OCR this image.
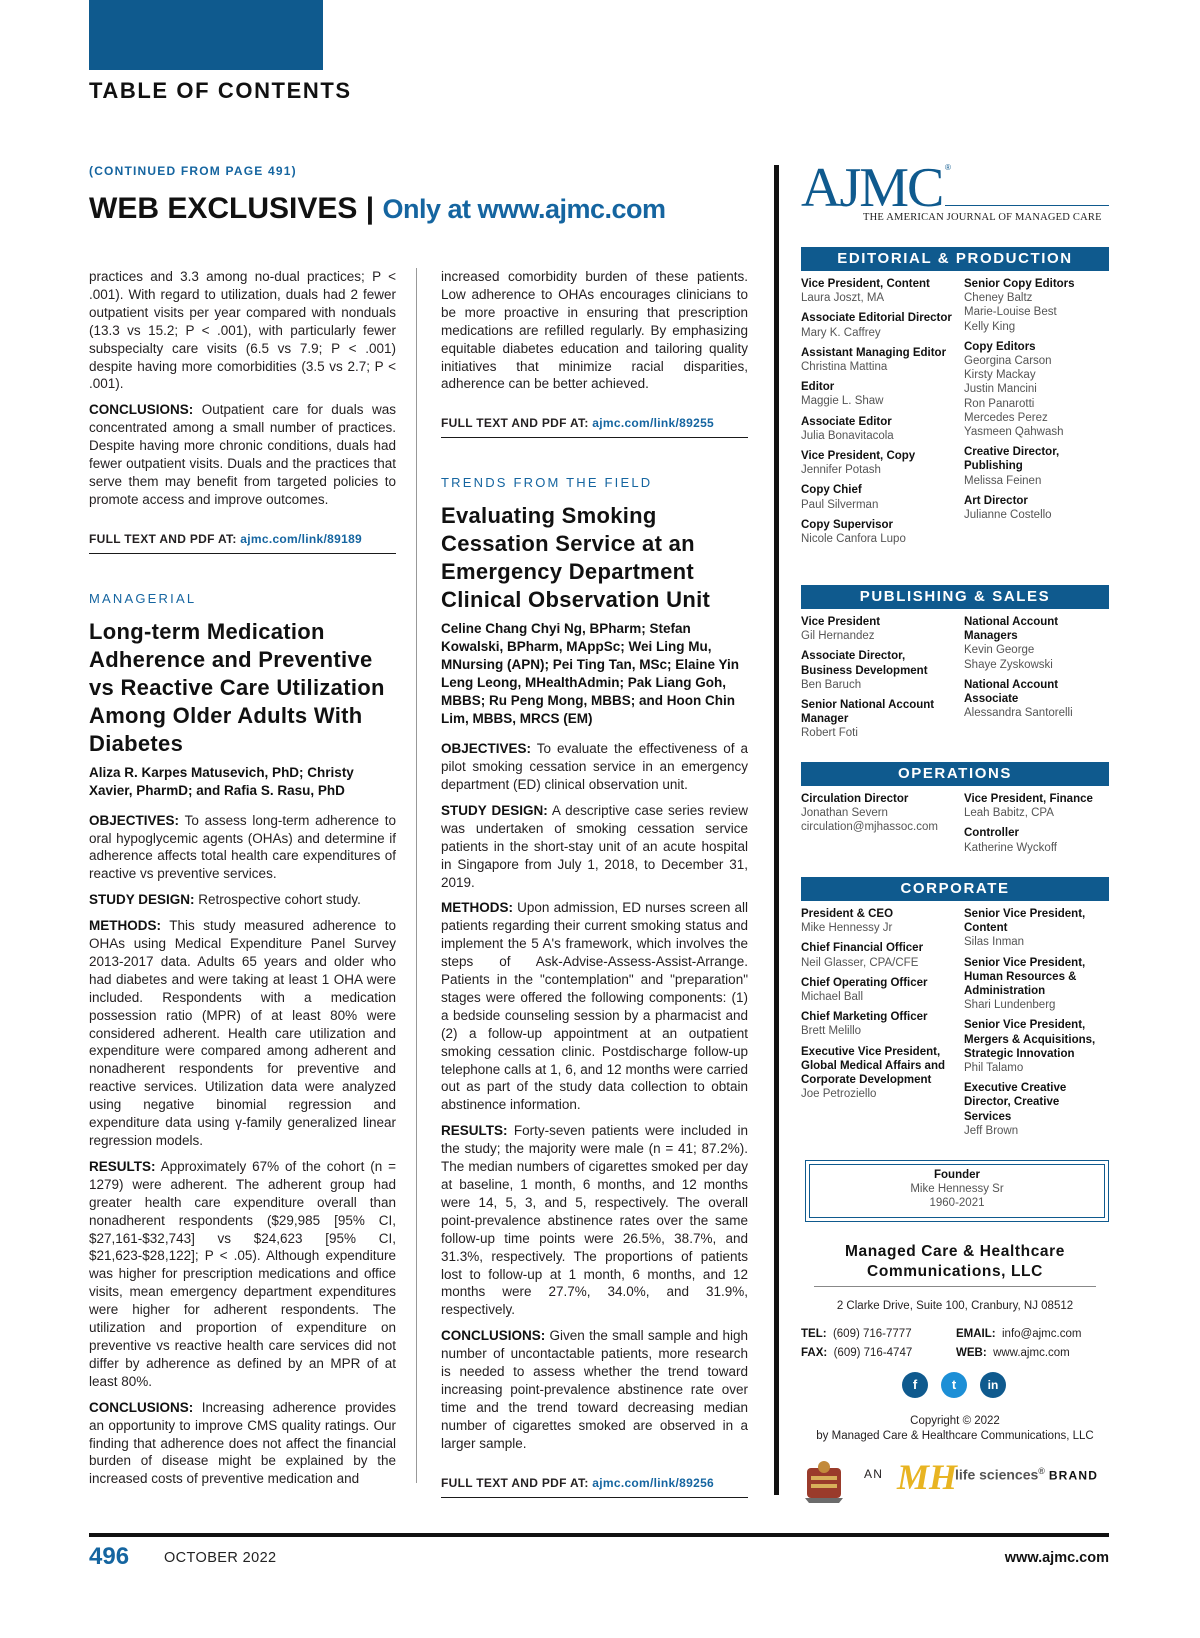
TABLE OF CONTENTS
(CONTINUED FROM PAGE 491)
WEB EXCLUSIVES | Only at www.ajmc.com

practices and 3.3 among no-dual practices; P < .001). With regard to utilization, duals had 2 fewer outpatient visits per year compared with nonduals (13.3 vs 15.2; P < .001), with particularly fewer subspecialty care visits (6.5 vs 7.9; P < .001) despite having more comorbidities (3.5 vs 2.7; P < .001).

CONCLUSIONS: Outpatient care for duals was concentrated among a small number of practices. Despite having more chronic conditions, duals had fewer outpatient visits. Duals and the practices that serve them may benefit from targeted policies to promote access and improve outcomes.

FULL TEXT AND PDF AT: ajmc.com/link/89189
MANAGERIAL
Long-term Medication Adherence and Preventive vs Reactive Care Utilization Among Older Adults With Diabetes
Aliza R. Karpes Matusevich, PhD; Christy Xavier, PharmD; and Rafia S. Rasu, PhD

OBJECTIVES: To assess long-term adherence to oral hypoglycemic agents (OHAs) and determine if adherence affects total health care expenditures of reactive vs preventive services.

STUDY DESIGN: Retrospective cohort study.

METHODS: This study measured adherence to OHAs using Medical Expenditure Panel Survey 2013-2017 data. Adults 65 years and older who had diabetes and were taking at least 1 OHA were included. Respondents with a medication possession ratio (MPR) of at least 80% were considered adherent. Health care utilization and expenditure were compared among adherent and nonadherent respondents for preventive and reactive services. Utilization data were analyzed using negative binomial regression and expenditure data using γ-family generalized linear regression models.

RESULTS: Approximately 67% of the cohort (n = 1279) were adherent. The adherent group had greater health care expenditure overall than nonadherent respondents ($29,985 [95% CI, $27,161-$32,743] vs $24,623 [95% CI, $21,623-$28,122]; P < .05). Although expenditure was higher for prescription medications and office visits, mean emergency department expenditures were higher for adherent respondents. The utilization and proportion of expenditure on preventive vs reactive health care services did not differ by adherence as defined by an MPR of at least 80%.

CONCLUSIONS: Increasing adherence provides an opportunity to improve CMS quality ratings. Our finding that adherence does not affect the financial burden of disease might be explained by the increased costs of preventive medication and

increased comorbidity burden of these patients. Low adherence to OHAs encourages clinicians to be more proactive in ensuring that prescription medications are refilled regularly. By emphasizing equitable diabetes education and tailoring quality initiatives that minimize racial disparities, adherence can be better achieved.

FULL TEXT AND PDF AT: ajmc.com/link/89255
TRENDS FROM THE FIELD
Evaluating Smoking Cessation Service at an Emergency Department Clinical Observation Unit
Celine Chang Chyi Ng, BPharm; Stefan Kowalski, BPharm, MAppSc; Wei Ling Mu, MNursing (APN); Pei Ting Tan, MSc; Elaine Yin Leng Leong, MHealthAdmin; Pak Liang Goh, MBBS; Ru Peng Mong, MBBS; and Hoon Chin Lim, MBBS, MRCS (EM)

OBJECTIVES: To evaluate the effectiveness of a pilot smoking cessation service in an emergency department (ED) clinical observation unit.

STUDY DESIGN: A descriptive case series review was undertaken of smoking cessation service patients in the short-stay unit of an acute hospital in Singapore from July 1, 2018, to December 31, 2019.

METHODS: Upon admission, ED nurses screen all patients regarding their current smoking status and implement the 5 A's framework, which involves the steps of Ask-Advise-Assess-Assist-Arrange. Patients in the "contemplation" and "preparation" stages were offered the following components: (1) a bedside counseling session by a pharmacist and (2) a follow-up appointment at an outpatient smoking cessation clinic. Postdischarge follow-up telephone calls at 1, 6, and 12 months were carried out as part of the study data collection to obtain abstinence information.

RESULTS: Forty-seven patients were included in the study; the majority were male (n = 41; 87.2%). The median numbers of cigarettes smoked per day at baseline, 1 month, 6 months, and 12 months were 14, 5, 3, and 5, respectively. The overall point-prevalence abstinence rates over the same follow-up time points were 26.5%, 38.7%, and 31.3%, respectively. The proportions of patients lost to follow-up at 1 month, 6 months, and 12 months were 27.7%, 34.0%, and 31.9%, respectively.

CONCLUSIONS: Given the small sample and high number of uncontactable patients, more research is needed to assess whether the trend toward increasing point-prevalence abstinence rate over time and the trend toward decreasing median number of cigarettes smoked are observed in a larger sample.

FULL TEXT AND PDF AT: ajmc.com/link/89256
AJMC ®
THE AMERICAN JOURNAL OF MANAGED CARE
EDITORIAL & PRODUCTION
Vice President, Content
Laura Joszt, MA
Associate Editorial Director
Mary K. Caffrey
Assistant Managing Editor
Christina Mattina
Editor
Maggie L. Shaw
Associate Editor
Julia Bonavitacola
Vice President, Copy
Jennifer Potash
Copy Chief
Paul Silverman
Copy Supervisor
Nicole Canfora Lupo
Senior Copy Editors
Cheney Baltz
Marie-Louise Best
Kelly King
Copy Editors
Georgina Carson
Kirsty Mackay
Justin Mancini
Ron Panarotti
Mercedes Perez
Yasmeen Qahwash
Creative Director, Publishing
Melissa Feinen
Art Director
Julianne Costello
PUBLISHING & SALES
Vice President
Gil Hernandez
Associate Director, Business Development
Ben Baruch
Senior National Account Manager
Robert Foti
National Account Managers
Kevin George
Shaye Zyskowski
National Account Associate
Alessandra Santorelli
OPERATIONS
Circulation Director
Jonathan Severn
circulation@mjhassoc.com
Vice President, Finance
Leah Babitz, CPA
Controller
Katherine Wyckoff
CORPORATE
President & CEO
Mike Hennessy Jr
Chief Financial Officer
Neil Glasser, CPA/CFE
Chief Operating Officer
Michael Ball
Chief Marketing Officer
Brett Melillo
Executive Vice President, Global Medical Affairs and Corporate Development
Joe Petroziello
Senior Vice President, Content
Silas Inman
Senior Vice President, Human Resources & Administration
Shari Lundenberg
Senior Vice President, Mergers & Acquisitions, Strategic Innovation
Phil Talamo
Executive Creative Director, Creative Services
Jeff Brown
Founder
Mike Hennessy Sr
1960-2021
Managed Care & Healthcare Communications, LLC
2 Clarke Drive, Suite 100, Cranbury, NJ 08512
TEL: (609) 716-7777
FAX: (609) 716-4747
EMAIL: info@ajmc.com
WEB: www.ajmc.com
f	t	in
Copyright © 2022
by Managed Care & Healthcare Communications, LLC
AN MH
life sciences® BRAND
496 OCTOBER 2022	www.ajmc.com
